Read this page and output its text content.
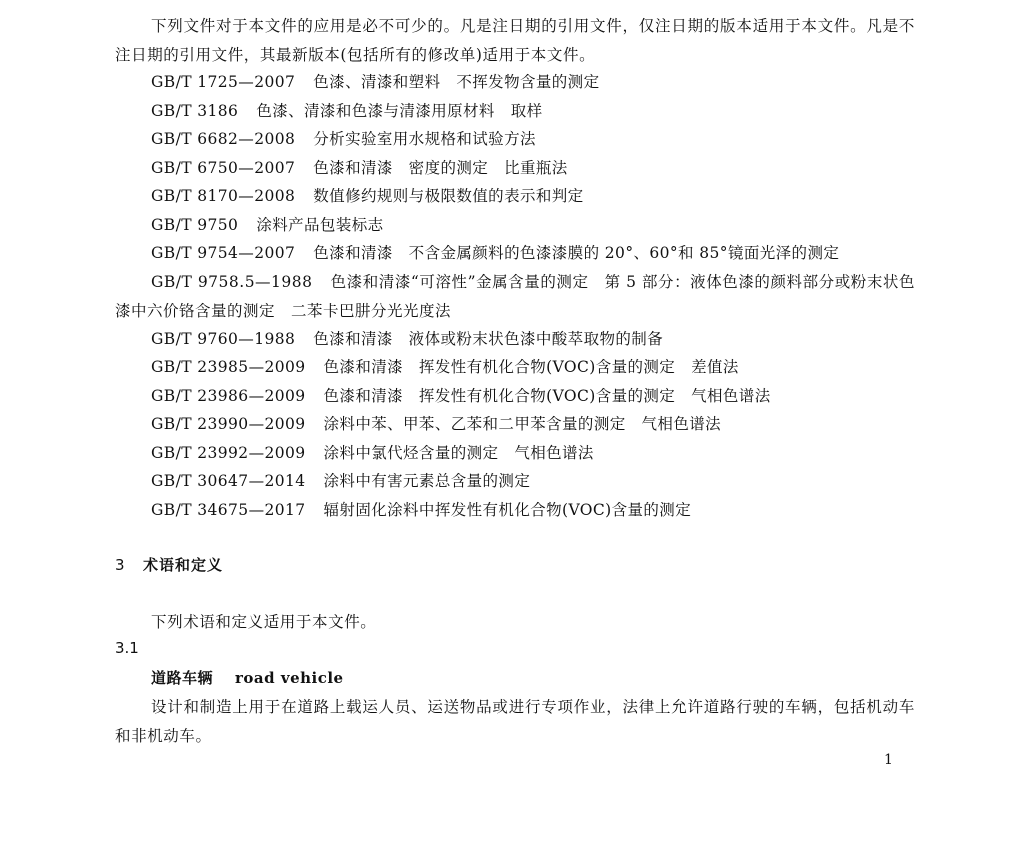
下列文件对于本文件的应用是必不可少的。凡是注日期的引用文件，仅注日期的版本适用于本文件。凡是不注日期的引用文件，其最新版本(包括所有的修改单)适用于本文件。

GB/T 1725—2007 色漆、清漆和塑料　不挥发物含量的测定
GB/T 3186 色漆、清漆和色漆与清漆用原材料　取样
GB/T 6682—2008 分析实验室用水规格和试验方法
GB/T 6750—2007 色漆和清漆　密度的测定　比重瓶法
GB/T 8170—2008 数值修约规则与极限数值的表示和判定
GB/T 9750 涂料产品包装标志
GB/T 9754—2007 色漆和清漆　不含金属颜料的色漆漆膜的 20°、60°和 85°镜面光泽的测定

GB/T 9758.5—1988 色漆和清漆“可溶性”金属含量的测定　第 5 部分：液体色漆的颜料部分或粉末状色漆中六价铬含量的测定　二苯卡巴肼分光光度法

GB/T 9760—1988 色漆和清漆　液体或粉末状色漆中酸萃取物的制备
GB/T 23985—2009 色漆和清漆　挥发性有机化合物(VOC)含量的测定　差值法
GB/T 23986—2009 色漆和清漆　挥发性有机化合物(VOC)含量的测定　气相色谱法
GB/T 23990—2009 涂料中苯、甲苯、乙苯和二甲苯含量的测定　气相色谱法
GB/T 23992—2009 涂料中氯代烃含量的测定　气相色谱法
GB/T 30647—2014 涂料中有害元素总含量的测定
GB/T 34675—2017 辐射固化涂料中挥发性有机化合物(VOC)含量的测定
3 术语和定义

下列术语和定义适用于本文件。

3.1
道路车辆 road vehicle

设计和制造上用于在道路上载运人员、运送物品或进行专项作业，法律上允许道路行驶的车辆，包括机动车和非机动车。

1
